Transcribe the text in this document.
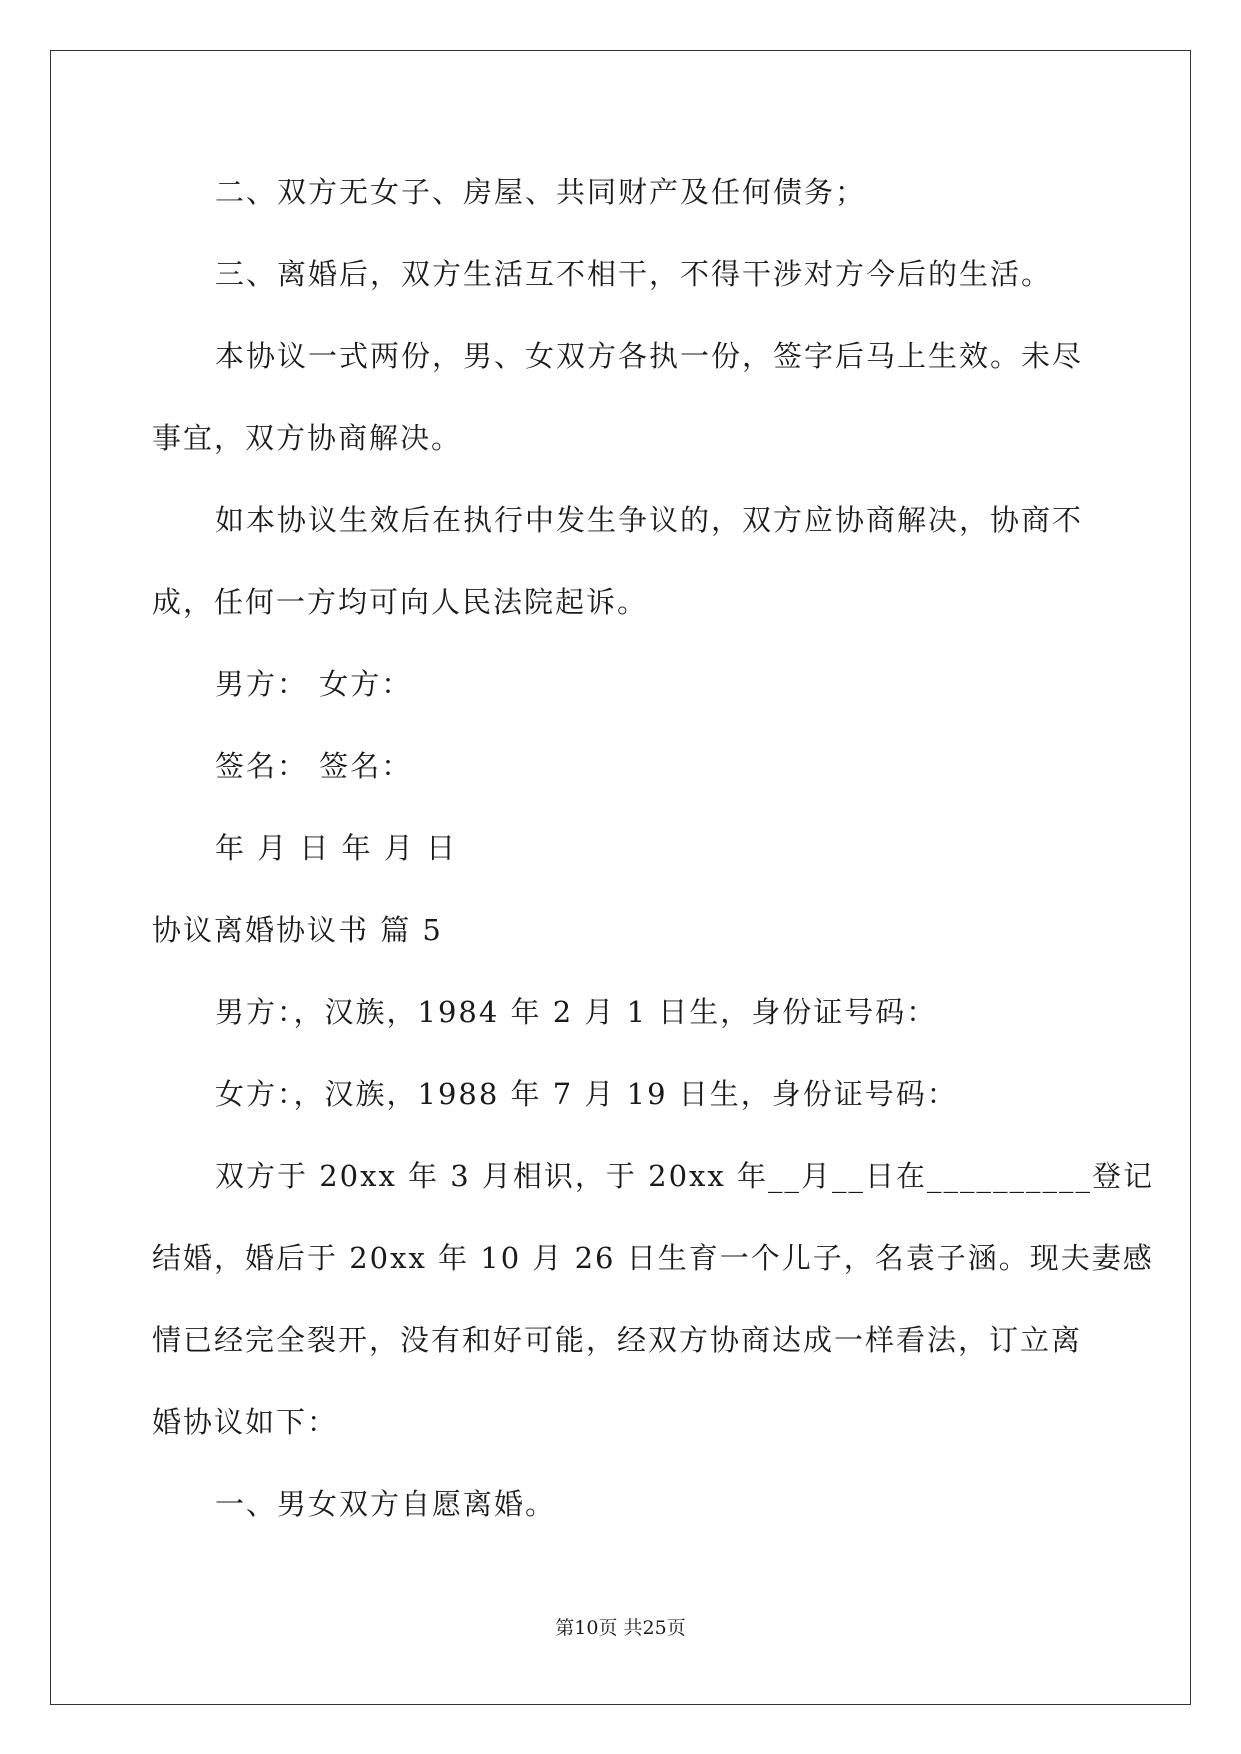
二、双方无女子、房屋、共同财产及任何债务；
三、离婚后，双方生活互不相干，不得干涉对方今后的生活。
本协议一式两份，男、女双方各执一份，签字后马上生效。未尽
事宜，双方协商解决。
如本协议生效后在执行中发生争议的，双方应协商解决，协商不
成，任何一方均可向人民法院起诉。
男方： 女方：
签名： 签名：
年 月 日 年 月 日
协议离婚协议书 篇 5
男方：，汉族，1984 年 2 月 1 日生，身份证号码：
女方：，汉族，1988 年 7 月 19 日生，身份证号码：
双方于 20xx 年 3 月相识，于 20xx 年__月__日在__________登记
结婚，婚后于 20xx 年 10 月 26 日生育一个儿子，名袁子涵。现夫妻感
情已经完全裂开，没有和好可能，经双方协商达成一样看法，订立离
婚协议如下：
一、男女双方自愿离婚。
第10页 共25页
